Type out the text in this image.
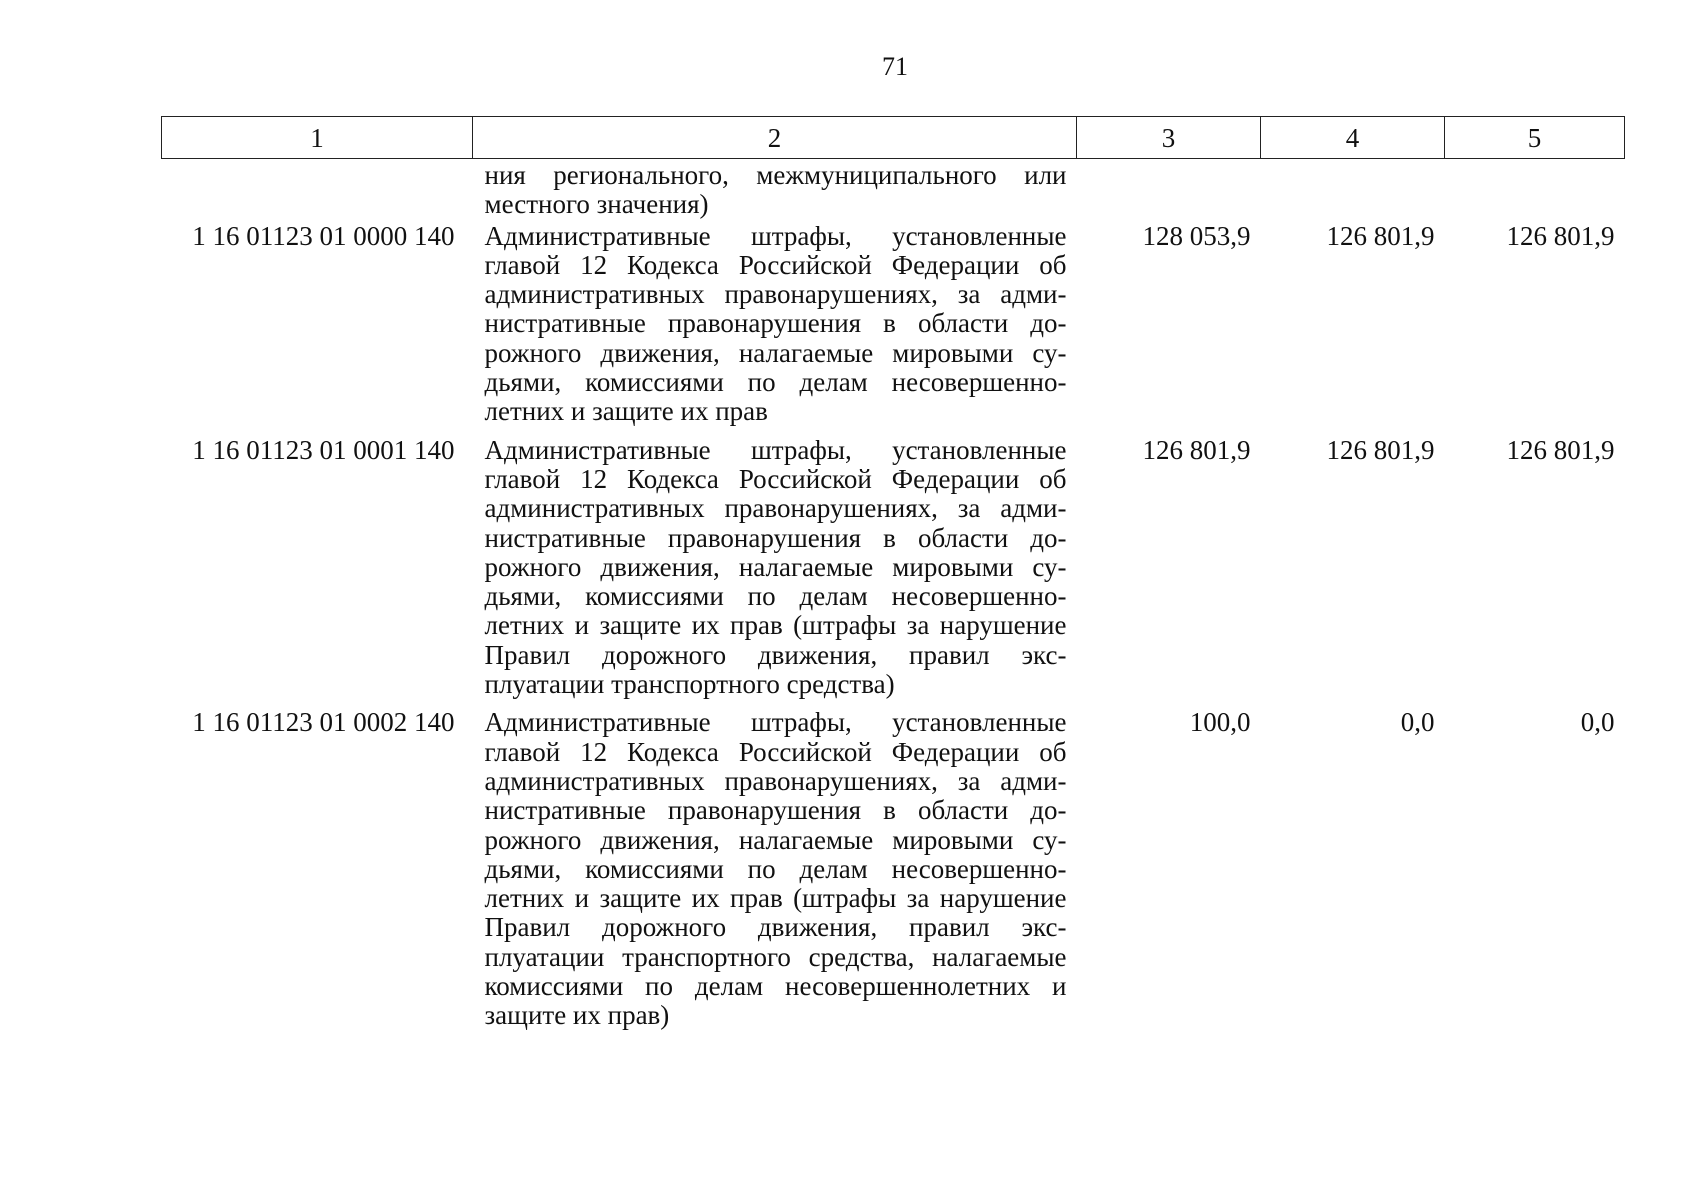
71
1	2	3	4	5
	ния регионального, межмуниципального или местного значения)			
1 16 01123 01 0000 140	Административные штрафы, установленные главой 12 Кодекса Российской Федерации об административных правонарушениях, за административные правонарушения в области дорожного движения, налагаемые мировыми судьями, комиссиями по делам несовершеннолетних и защите их прав	128 053,9	126 801,9	126 801,9
1 16 01123 01 0001 140	Административные штрафы, установленные главой 12 Кодекса Российской Федерации об административных правонарушениях, за административные правонарушения в области дорожного движения, налагаемые мировыми судьями, комиссиями по делам несовершеннолетних и защите их прав (штрафы за нарушение Правил дорожного движения, правил эксплуатации транспортного средства)	126 801,9	126 801,9	126 801,9
1 16 01123 01 0002 140	Административные штрафы, установленные главой 12 Кодекса Российской Федерации об административных правонарушениях, за административные правонарушения в области дорожного движения, налагаемые мировыми судьями, комиссиями по делам несовершеннолетних и защите их прав (штрафы за нарушение Правил дорожного движения, правил эксплуатации транспортного средства, налагаемые комиссиями по делам несовершеннолетних и защите их прав)	100,0	0,0	0,0
